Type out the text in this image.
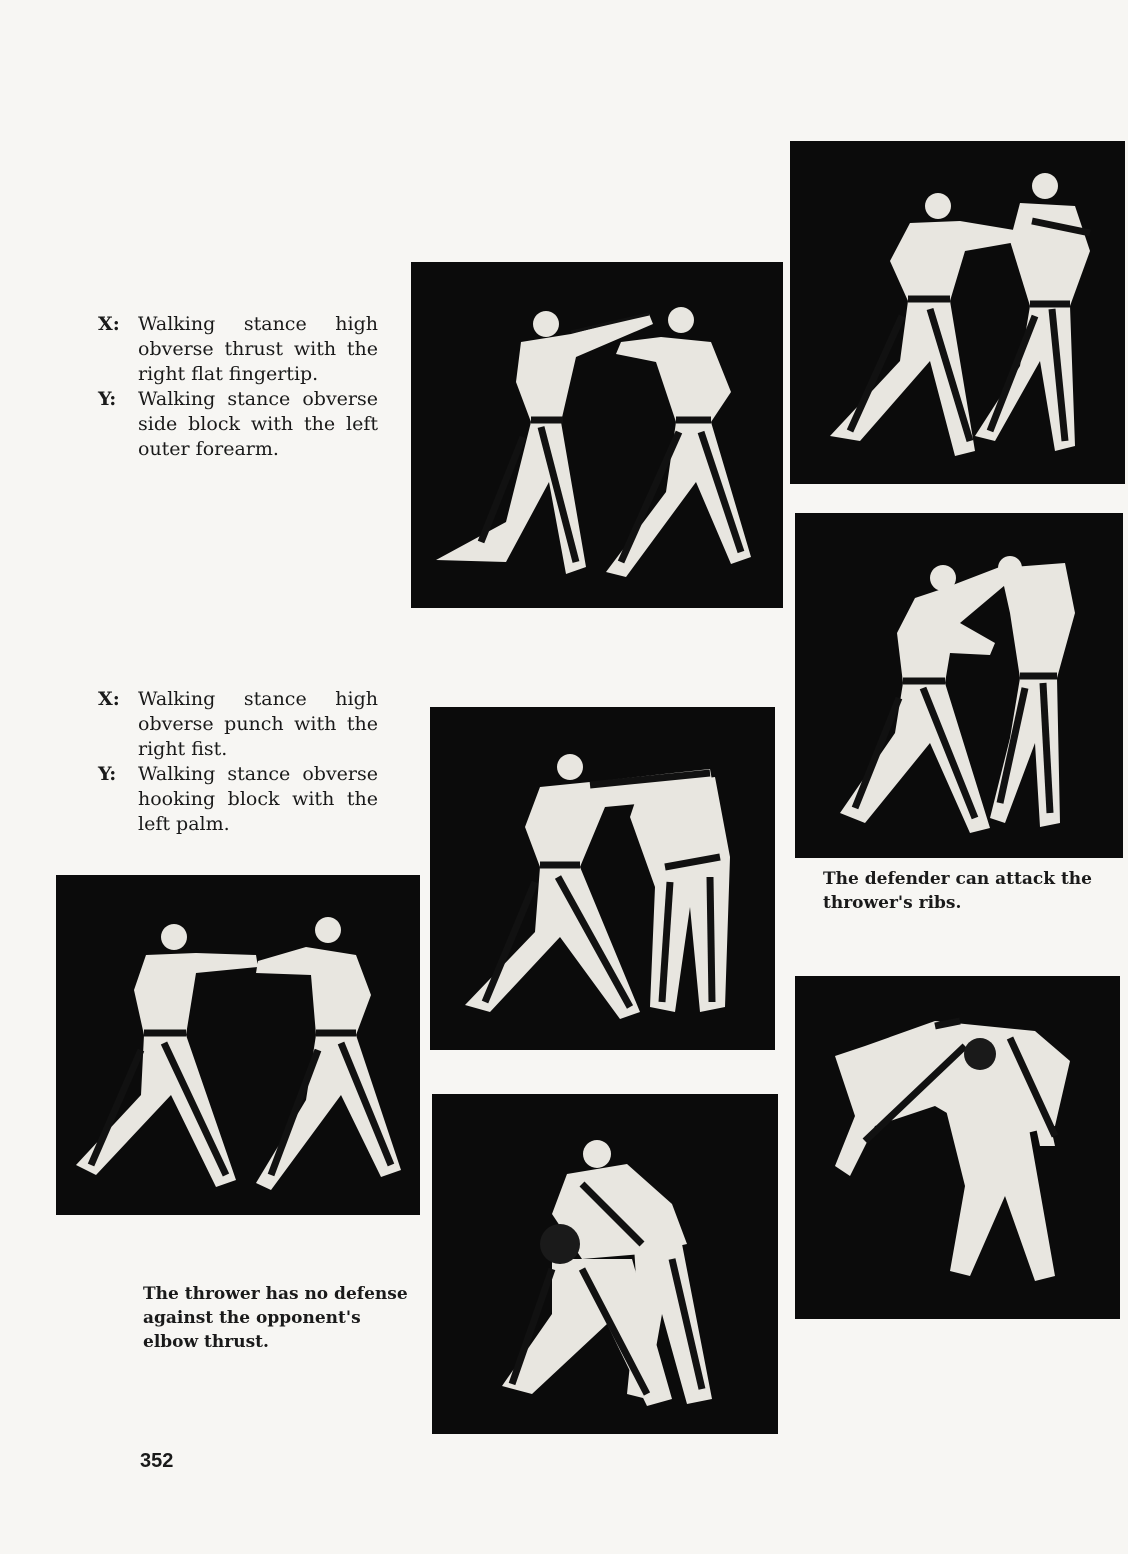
X: Walking stance high obverse thrust with the right flat fingertip.
Y:	Walking stance obverse side block with the left outer forearm.
X: Walking stance high obverse punch with the right fist.
Y:	Walking stance obverse hooking block with the left palm.
The defender can attack the thrower's ribs.
The thrower has no defense against the opponent's elbow thrust.
352
